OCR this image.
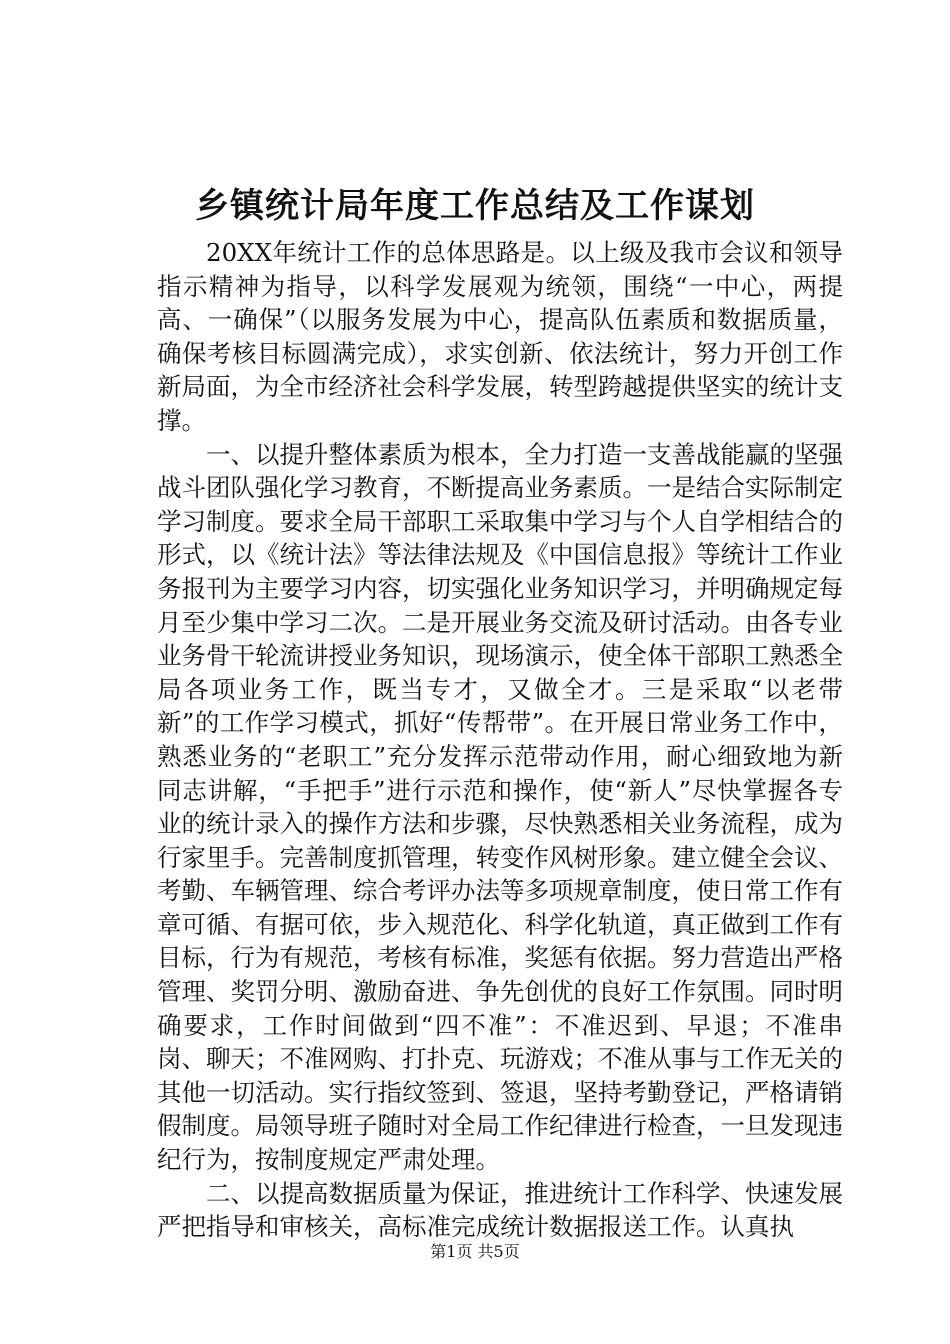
乡镇统计局年度工作总结及工作谋划

20XX年统计工作的总体思路是。以上级及我市会议和领导指示精神为指导，以科学发展观为统领，围绕“一中心，两提高、一确保”（以服务发展为中心，提高队伍素质和数据质量，确保考核目标圆满完成），求实创新、依法统计，努力开创工作新局面，为全市经济社会科学发展，转型跨越提供坚实的统计支撑。

一、以提升整体素质为根本，全力打造一支善战能赢的坚强战斗团队强化学习教育，不断提高业务素质。一是结合实际制定学习制度。要求全局干部职工采取集中学习与个人自学相结合的形式，以《统计法》等法律法规及《中国信息报》等统计工作业务报刊为主要学习内容，切实强化业务知识学习，并明确规定每月至少集中学习二次。二是开展业务交流及研讨活动。由各专业业务骨干轮流讲授业务知识，现场演示，使全体干部职工熟悉全局各项业务工作，既当专才，又做全才。三是采取“以老带新”的工作学习模式，抓好“传帮带”。在开展日常业务工作中，熟悉业务的“老职工”充分发挥示范带动作用，耐心细致地为新同志讲解，“手把手”进行示范和操作，使“新人”尽快掌握各专业的统计录入的操作方法和步骤，尽快熟悉相关业务流程，成为行家里手。完善制度抓管理，转变作风树形象。建立健全会议、考勤、车辆管理、综合考评办法等多项规章制度，使日常工作有章可循、有据可依，步入规范化、科学化轨道，真正做到工作有目标，行为有规范，考核有标准，奖惩有依据。努力营造出严格管理、奖罚分明、激励奋进、争先创优的良好工作氛围。同时明确要求，工作时间做到“四不准”：不准迟到、早退；不准串岗、聊天；不准网购、打扑克、玩游戏；不准从事与工作无关的其他一切活动。实行指纹签到、签退，坚持考勤登记，严格请销假制度。局领导班子随时对全局工作纪律进行检查，一旦发现违纪行为，按制度规定严肃处理。

二、以提高数据质量为保证，推进统计工作科学、快速发展严把指导和审核关，高标准完成统计数据报送工作。认真执

第1页 共5页
